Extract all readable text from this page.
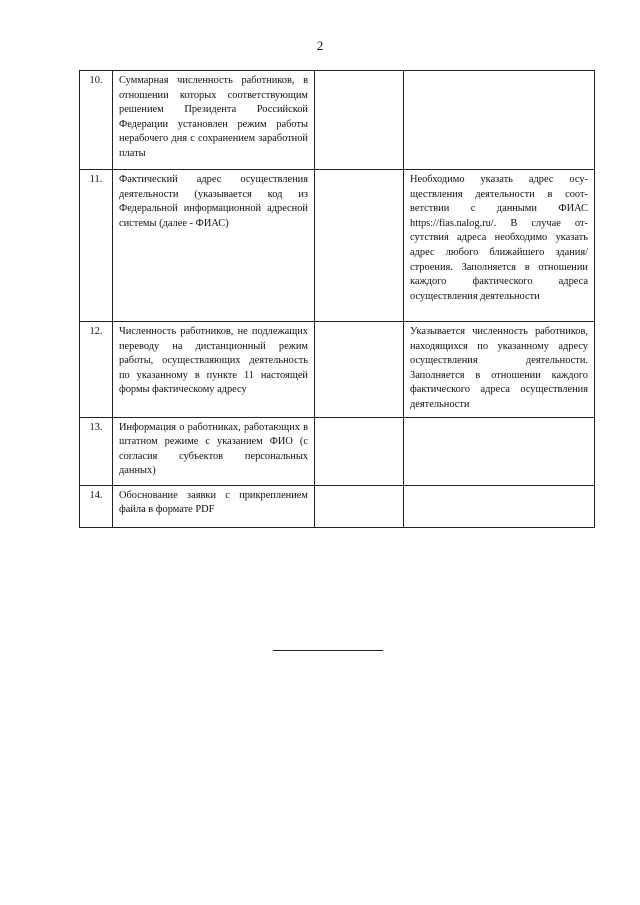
2
10.	Суммарная численность работников, в отношении которых соответствующим решением Президента Российской Федерации установлен режим работы нерабочего дня с сохранением заработной платы		
11.	Фактический адрес осуществления деятельности (указывается код из Федеральной информационной адресной системы (далее - ФИАС)		Необходимо указать адрес осуществления деятельности в соответствии с данными ФИАС https://fias.nalog.ru/. В случае отсутствия адреса необходимо указать адрес любого ближайшего здания/строения. Заполняется в отношении каждого фактического адреса осуществления деятельности
12.	Численность работников, не подлежащих переводу на дистанционный режим работы, осуществляющих деятельность по указанному в пункте 11 настоящей формы фактическому адресу		Указывается численность работников, находящихся по указанному адресу осуществления деятельности. Заполняется в отношении каждого фактического адреса осуществления деятельности
13.	Информация о работниках, работающих в штатном режиме с указанием ФИО (с согласия субъектов персональных данных)		
14.	Обоснование заявки с прикреплением файла в формате PDF		
